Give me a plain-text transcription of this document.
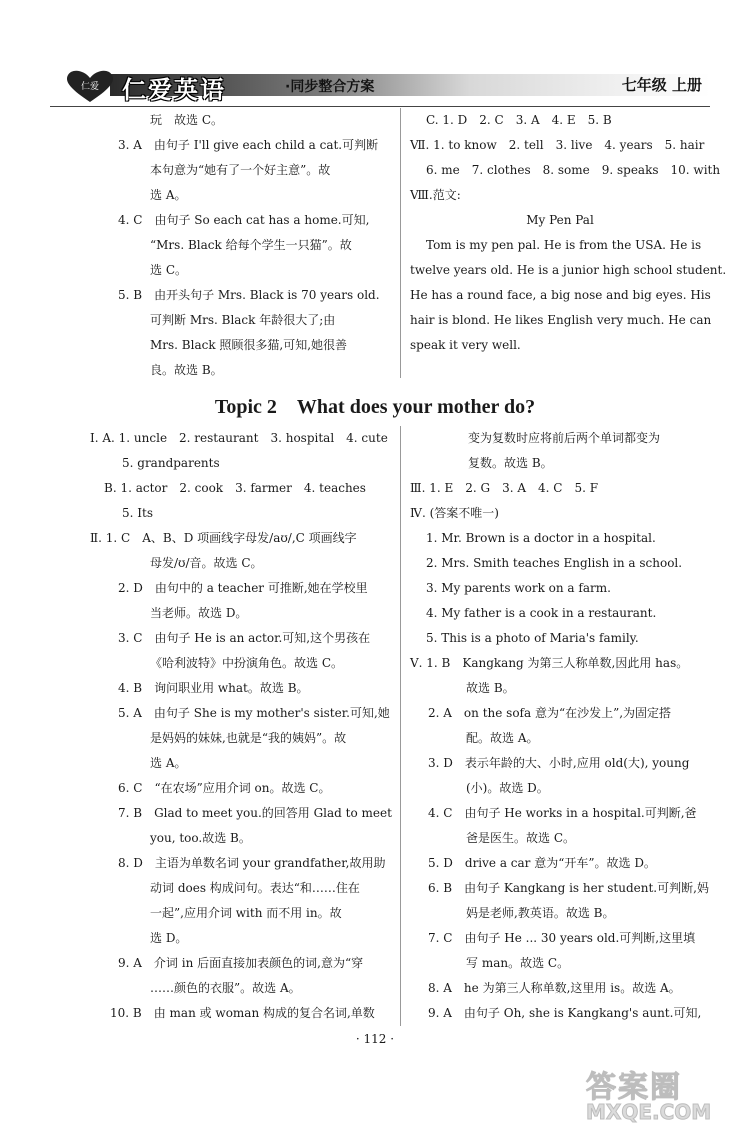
仁爱 仁爱英语	·同步整合方案	七年级 上册

玩　故选 C。

3. A　由句子 I'll give each child a cat.可判断

本句意为“她有了一个好主意”。故

选 A。

4. C　由句子 So each cat has a home.可知,

“Mrs. Black 给每个学生一只猫”。故

选 C。

5. B　由开头句子 Mrs. Black is 70 years old.

可判断 Mrs. Black 年龄很大了;由

Mrs. Black 照顾很多猫,可知,她很善

良。故选 B。

C. 1. D　2. C　3. A　4. E　5. B

Ⅶ. 1. to know　2. tell　3. live　4. years　5. hair

6. me　7. clothes　8. some　9. speaks　10. with

Ⅷ.范文:

My Pen Pal

Tom is my pen pal. He is from the USA. He is

twelve years old. He is a junior high school student.

He has a round face, a big nose and big eyes. His

hair is blond. He likes English very much. He can

speak it very well.

Topic 2　What does your mother do?

Ⅰ. A. 1. uncle　2. restaurant　3. hospital　4. cute

5. grandparents

B. 1. actor　2. cook　3. farmer　4. teaches

5. Its

Ⅱ. 1. C　A、B、D 项画线字母发/aʊ/,C 项画线字

母发/ʊ/音。故选 C。

2. D　由句中的 a teacher 可推断,她在学校里

当老师。故选 D。

3. C　由句子 He is an actor.可知,这个男孩在

《哈利波特》中扮演角色。故选 C。

4. B　询问职业用 what。故选 B。

5. A　由句子 She is my mother's sister.可知,她

是妈妈的妹妹,也就是“我的姨妈”。故

选 A。

6. C　“在农场”应用介词 on。故选 C。

7. B　Glad to meet you.的回答用 Glad to meet

you, too.故选 B。

8. D　主语为单数名词 your grandfather,故用助

动词 does 构成问句。表达“和……住在

一起”,应用介词 with 而不用 in。故

选 D。

9. A　介词 in 后面直接加表颜色的词,意为“穿

……颜色的衣服”。故选 A。

10. B　由 man 或 woman 构成的复合名词,单数

变为复数时应将前后两个单词都变为

复数。故选 B。

Ⅲ. 1. E　2. G　3. A　4. C　5. F

Ⅳ. (答案不唯一)

1. Mr. Brown is a doctor in a hospital.

2. Mrs. Smith teaches English in a school.

3. My parents work on a farm.

4. My father is a cook in a restaurant.

5. This is a photo of Maria's family.

Ⅴ. 1. B　Kangkang 为第三人称单数,因此用 has。

故选 B。

2. A　on the sofa 意为“在沙发上”,为固定搭

配。故选 A。

3. D　表示年龄的大、小时,应用 old(大), young

(小)。故选 D。

4. C　由句子 He works in a hospital.可判断,爸

爸是医生。故选 C。

5. D　drive a car 意为“开车”。故选 D。

6. B　由句子 Kangkang is her student.可判断,妈

妈是老师,教英语。故选 B。

7. C　由句子 He ... 30 years old.可判断,这里填

写 man。故选 C。

8. A　he 为第三人称单数,这里用 is。故选 A。

9. A　由句子 Oh, she is Kangkang's aunt.可知,

· 112 ·
答案圈
MXQE.COM
